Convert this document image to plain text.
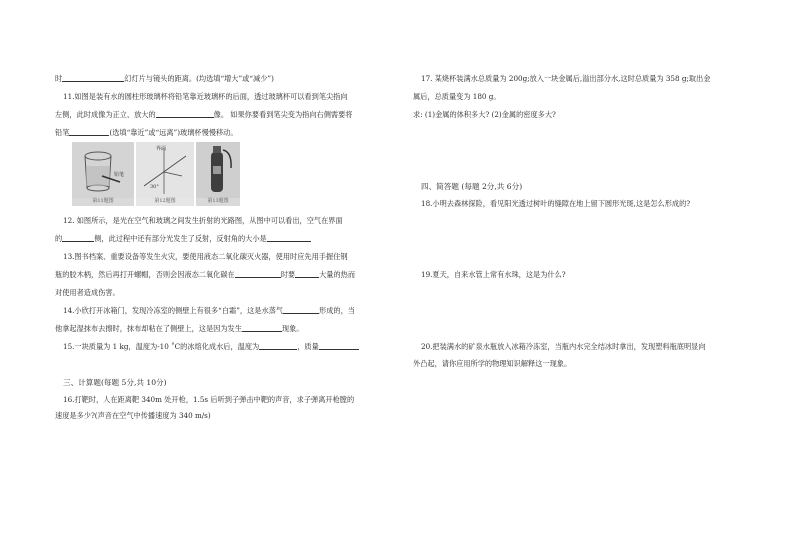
时	幻灯片与镜头的距离。(均选填“增大”或“减少”)
11.如图是装有水的圆柱形玻璃杯将铅笔靠近玻璃杯的后面，透过玻璃杯可以看到笔尖指向
左侧，此时成像为正立、放大的	像。 如果你要看到笔尖变为指向右侧需要将
铅笔	(选填“靠近”或“远离”)玻璃杯慢慢移动。
铅笔
第11题图
界面
30°
第12题图	第13题图
12. 如图所示，是光在空气和玻璃之间发生折射的光路图，从图中可以看出，空气在界面
的	侧，此过程中还有部分光发生了反射，反射角的大小是
13.图书档案、重要设备等发生火灾，要使用液态二氧化碳灭火器，使用时应先用手握住钢
瓶的胶木柄，然后再打开螺帽，否则会因液态二氧化碳在	时要	大量的热而
对使用者造成伤害。
14.小欣打开冰箱门，发现冷冻室的侧壁上有很多“白霜”，这是水蒸气	形成的，当
他拿起湿抹布去擦时，抹布却粘在了侧壁上，这是因为发生	现象。
15.一块质量为 1 kg，温度为-10 ˚C的冰熔化成水后，温度为	，质量
三、计算题(每题 5分,共 10分)
16.打靶时，人在距离靶 340m 处开枪，1.5s 后听到子弹击中靶的声音，求子弹离开枪膛的
速度是多少?(声音在空气中传播速度为 340 m/s)
17. 某烧杯装满水总质量为 200g;放入一块金属后,溢出部分水,这时总质量为 358 g;取出金
属后，总质量变为 180 g。
求: (1)金属的体积多大? (2)金属的密度多大?
四、简答题 (每题 2分,共 6分)
18.小明去森林探险，看见阳光透过树叶的缝隙在地上留下圆形光斑,这是怎么形成的?
19.夏天，自来水管上常有水珠，这是为什么?
20.把装满水的矿泉水瓶放入冰箱冷冻室，当瓶内水完全结冰时拿出，发现塑料瓶底明显向
外凸起，请你应用所学的物理知识解释这一现象。
